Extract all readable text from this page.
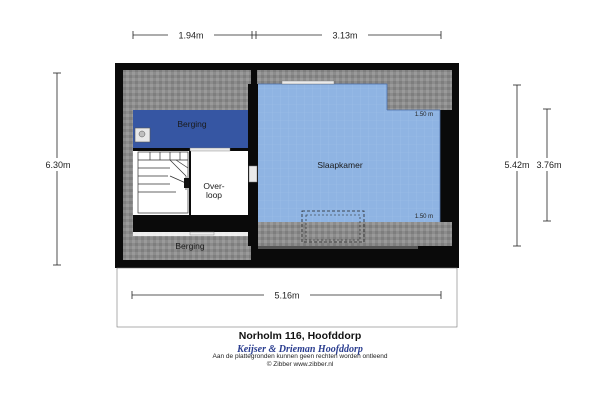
1.94m	3.13m
6.30m	5.42m 3.76m
Berging
Over-
loop
Slaapkamer
Berging
1.50 m
1.50 m
5.16m
Norholm 116, Hoofddorp
Keijser & Drieman Hoofddorp
Aan de plattegronden kunnen geen rechten worden ontleend
© Zibber www.zibber.nl
